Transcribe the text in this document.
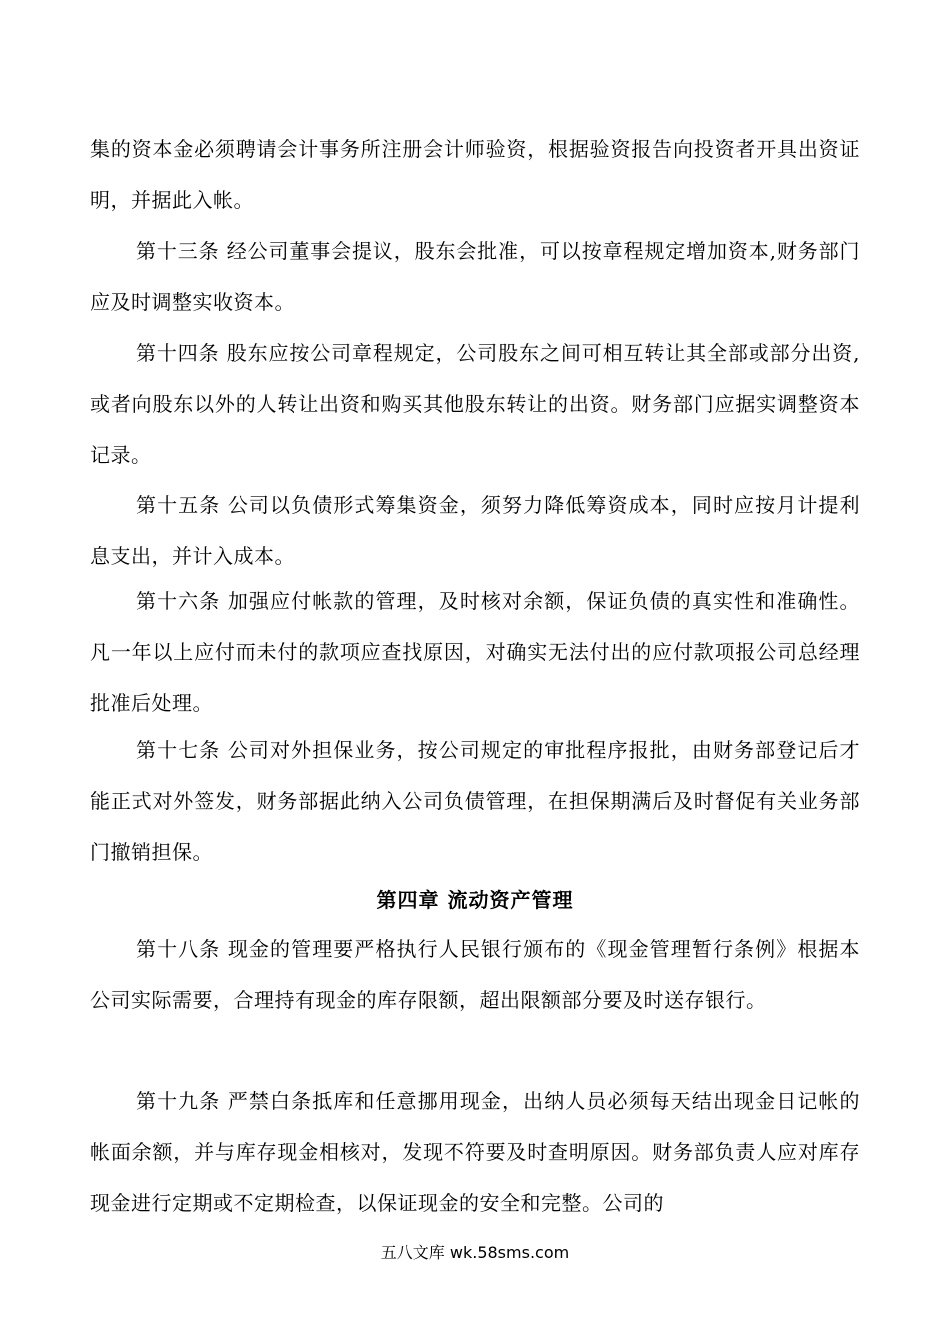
集的资本金必须聘请会计事务所注册会计师验资，根据验资报告向投资者开具出资证明，并据此入帐。

第十三条 经公司董事会提议，股东会批准，可以按章程规定增加资本,财务部门应及时调整实收资本。

第十四条 股东应按公司章程规定，公司股东之间可相互转让其全部或部分出资,或者向股东以外的人转让出资和购买其他股东转让的出资。财务部门应据实调整资本记录。

第十五条 公司以负债形式筹集资金，须努力降低筹资成本，同时应按月计提利息支出，并计入成本。

第十六条 加强应付帐款的管理，及时核对余额，保证负债的真实性和准确性。凡一年以上应付而未付的款项应查找原因，对确实无法付出的应付款项报公司总经理批准后处理。

第十七条 公司对外担保业务，按公司规定的审批程序报批，由财务部登记后才能正式对外签发，财务部据此纳入公司负债管理，在担保期满后及时督促有关业务部门撤销担保。

第四章 流动资产管理

第十八条 现金的管理要严格执行人民银行颁布的《现金管理暂行条例》根据本公司实际需要，合理持有现金的库存限额，超出限额部分要及时送存银行。

第十九条 严禁白条抵库和任意挪用现金，出纳人员必须每天结出现金日记帐的帐面余额，并与库存现金相核对，发现不符要及时查明原因。财务部负责人应对库存现金进行定期或不定期检查，以保证现金的安全和完整。公司的

五八文库 wk.58sms.com
